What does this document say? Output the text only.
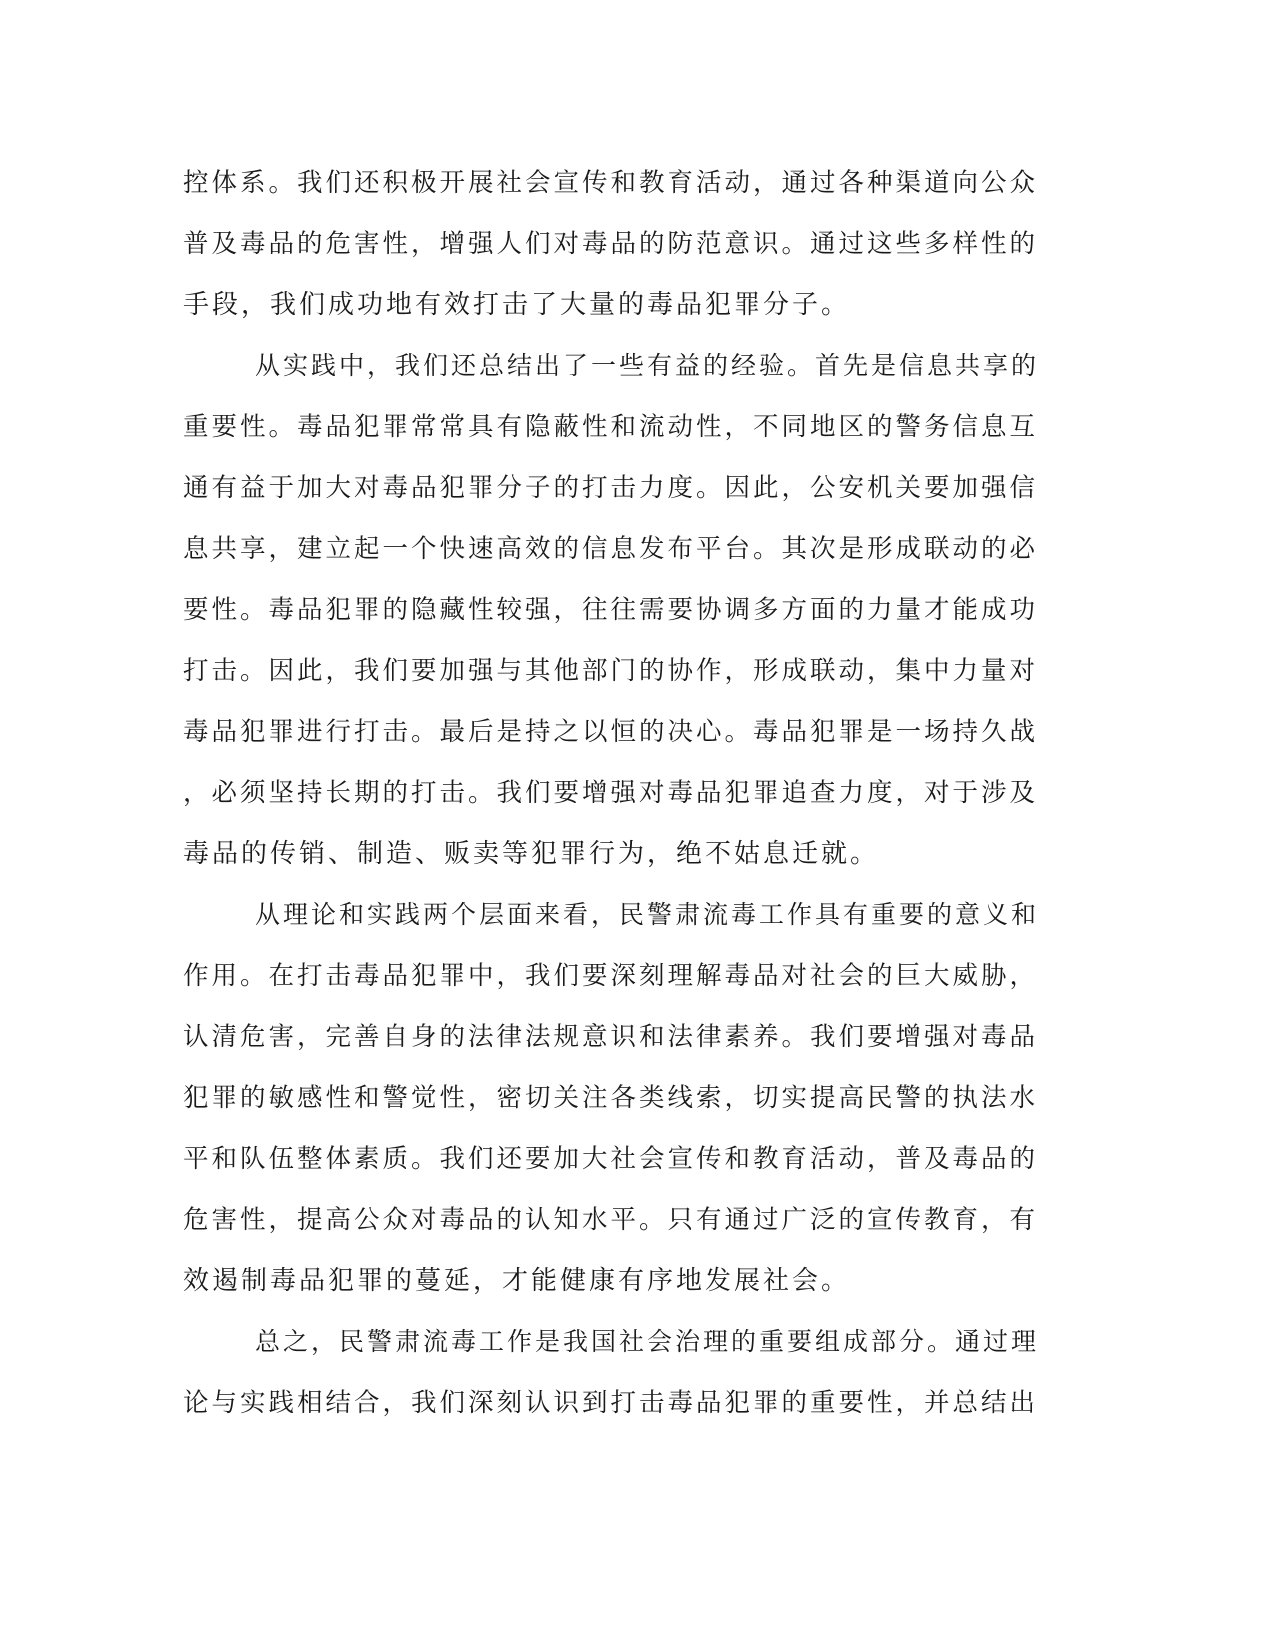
控体系。我们还积极开展社会宣传和教育活动，通过各种渠道向公众
普及毒品的危害性，增强人们对毒品的防范意识。通过这些多样性的
手段，我们成功地有效打击了大量的毒品犯罪分子。
从实践中，我们还总结出了一些有益的经验。首先是信息共享的
重要性。毒品犯罪常常具有隐蔽性和流动性，不同地区的警务信息互
通有益于加大对毒品犯罪分子的打击力度。因此，公安机关要加强信
息共享，建立起一个快速高效的信息发布平台。其次是形成联动的必
要性。毒品犯罪的隐藏性较强，往往需要协调多方面的力量才能成功
打击。因此，我们要加强与其他部门的协作，形成联动，集中力量对
毒品犯罪进行打击。最后是持之以恒的决心。毒品犯罪是一场持久战
，必须坚持长期的打击。我们要增强对毒品犯罪追查力度，对于涉及
毒品的传销、制造、贩卖等犯罪行为，绝不姑息迁就。
从理论和实践两个层面来看，民警肃流毒工作具有重要的意义和
作用。在打击毒品犯罪中，我们要深刻理解毒品对社会的巨大威胁，
认清危害，完善自身的法律法规意识和法律素养。我们要增强对毒品
犯罪的敏感性和警觉性，密切关注各类线索，切实提高民警的执法水
平和队伍整体素质。我们还要加大社会宣传和教育活动，普及毒品的
危害性，提高公众对毒品的认知水平。只有通过广泛的宣传教育，有
效遏制毒品犯罪的蔓延，才能健康有序地发展社会。
总之，民警肃流毒工作是我国社会治理的重要组成部分。通过理
论与实践相结合，我们深刻认识到打击毒品犯罪的重要性，并总结出
